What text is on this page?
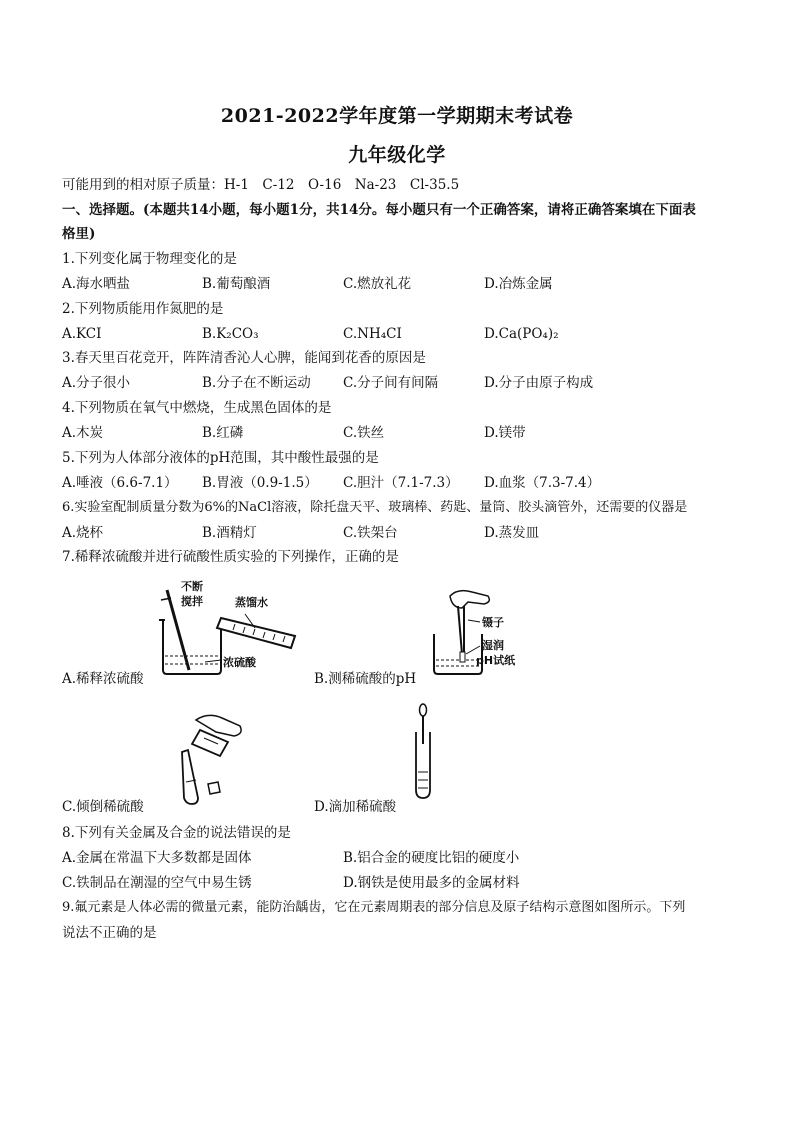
2021-2022学年度第一学期期末考试卷
九年级化学
可能用到的相对原子质量：H-1　C-12　O-16　Na-23　Cl-35.5
一、选择题。(本题共14小题，每小题1分，共14分。每小题只有一个正确答案，请将正确答案填在下面表
格里)
1.下列变化属于物理变化的是
A.海水晒盐	B.葡萄酿酒	C.燃放礼花	D.冶炼金属
2.下列物质能用作氮肥的是
A.KCI	B.K₂CO₃	C.NH₄CI	D.Ca(PO₄)₂
3.春天里百花竞开，阵阵清香沁人心脾，能闻到花香的原因是
A.分子很小	B.分子在不断运动 C.分子间有间隔	D.分子由原子构成
4.下列物质在氧气中燃烧，生成黑色固体的是
A.木炭	B.红磷	C.铁丝	D.镁带
5.下列为人体部分液体的pH范围，其中酸性最强的是
A.唾液（6.6-7.1） B.胃液（0.9-1.5） C.胆汁（7.1-7.3） D.血浆（7.3-7.4）
6.实验室配制质量分数为6%的NaCl溶液，除托盘天平、玻璃棒、药匙、量筒、胶头滴管外，还需要的仪器是
A.烧杯	B.酒精灯	C.铁架台	D.蒸发皿
7.稀释浓硫酸并进行硫酸性质实验的下列操作，正确的是
不断
搅拌	蒸馏水
浓硫酸
A.稀释浓硫酸
镊子
湿润
pH试纸
B.测稀硫酸的pH
C.倾倒稀硫酸	D.滴加稀硫酸
8.下列有关金属及合金的说法错误的是
A.金属在常温下大多数都是固体	B.铝合金的硬度比铝的硬度小
C.铁制品在潮湿的空气中易生锈	D.钢铁是使用最多的金属材料
9.氟元素是人体必需的微量元素，能防治龋齿，它在元素周期表的部分信息及原子结构示意图如图所示。下列
说法不正确的是
